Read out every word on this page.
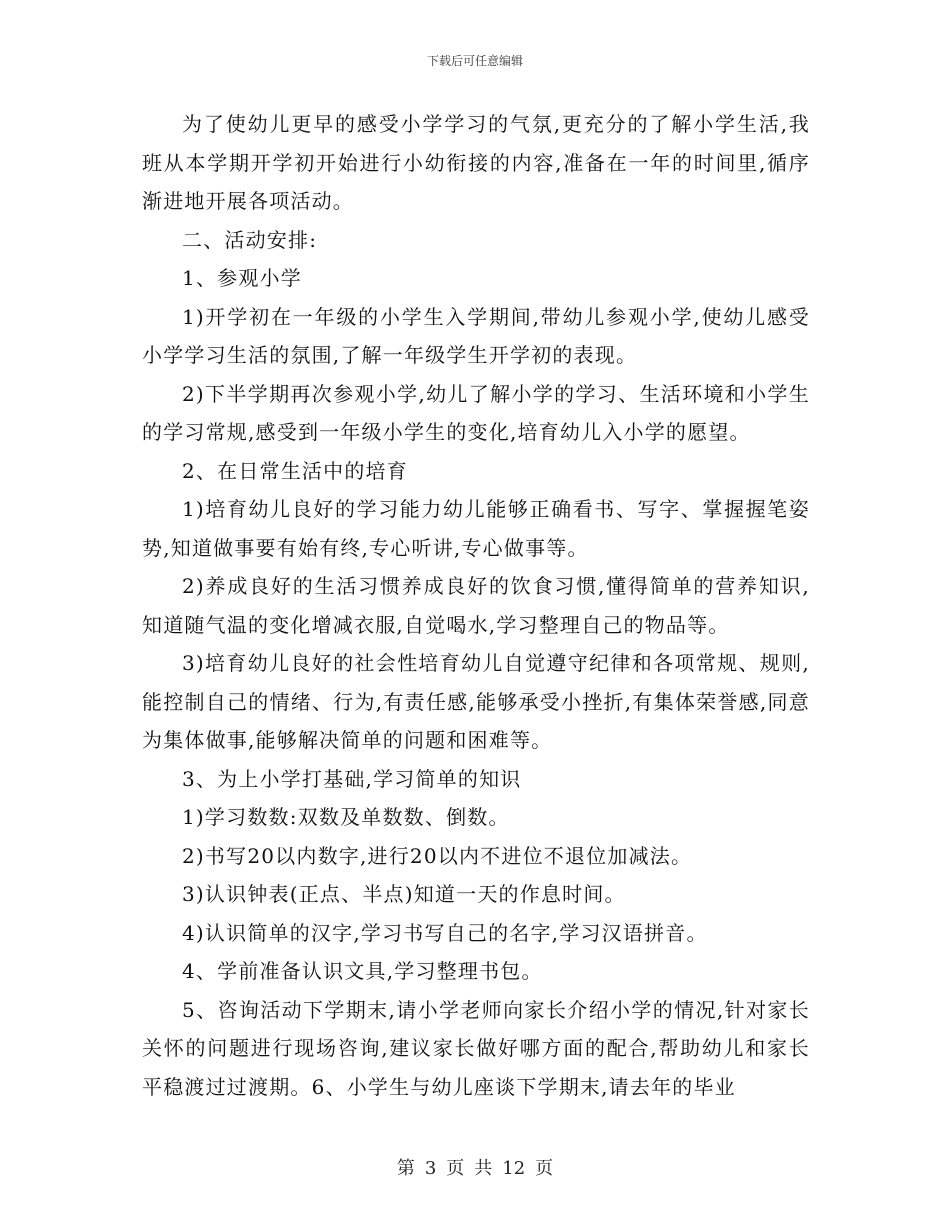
下载后可任意编辑

为了使幼儿更早的感受小学学习的气氛,更充分的了解小学生活,我班从本学期开学初开始进行小幼衔接的内容,准备在一年的时间里,循序渐进地开展各项活动。

二、活动安排:

1、参观小学

1)开学初在一年级的小学生入学期间,带幼儿参观小学,使幼儿感受小学学习生活的氛围,了解一年级学生开学初的表现。

2)下半学期再次参观小学,幼儿了解小学的学习、生活环境和小学生的学习常规,感受到一年级小学生的变化,培育幼儿入小学的愿望。

2、在日常生活中的培育

1)培育幼儿良好的学习能力幼儿能够正确看书、写字、掌握握笔姿势,知道做事要有始有终,专心听讲,专心做事等。

2)养成良好的生活习惯养成良好的饮食习惯,懂得简单的营养知识,知道随气温的变化增减衣服,自觉喝水,学习整理自己的物品等。

3)培育幼儿良好的社会性培育幼儿自觉遵守纪律和各项常规、规则,能控制自己的情绪、行为,有责任感,能够承受小挫折,有集体荣誉感,同意为集体做事,能够解决简单的问题和困难等。

3、为上小学打基础,学习简单的知识

1)学习数数:双数及单数数、倒数。

2)书写20以内数字,进行20以内不进位不退位加减法。

3)认识钟表(正点、半点)知道一天的作息时间。

4)认识简单的汉字,学习书写自己的名字,学习汉语拼音。

4、学前准备认识文具,学习整理书包。

5、咨询活动下学期末,请小学老师向家长介绍小学的情况,针对家长关怀的问题进行现场咨询,建议家长做好哪方面的配合,帮助幼儿和家长平稳渡过过渡期。6、小学生与幼儿座谈下学期末,请去年的毕业

第 3 页 共 12 页
